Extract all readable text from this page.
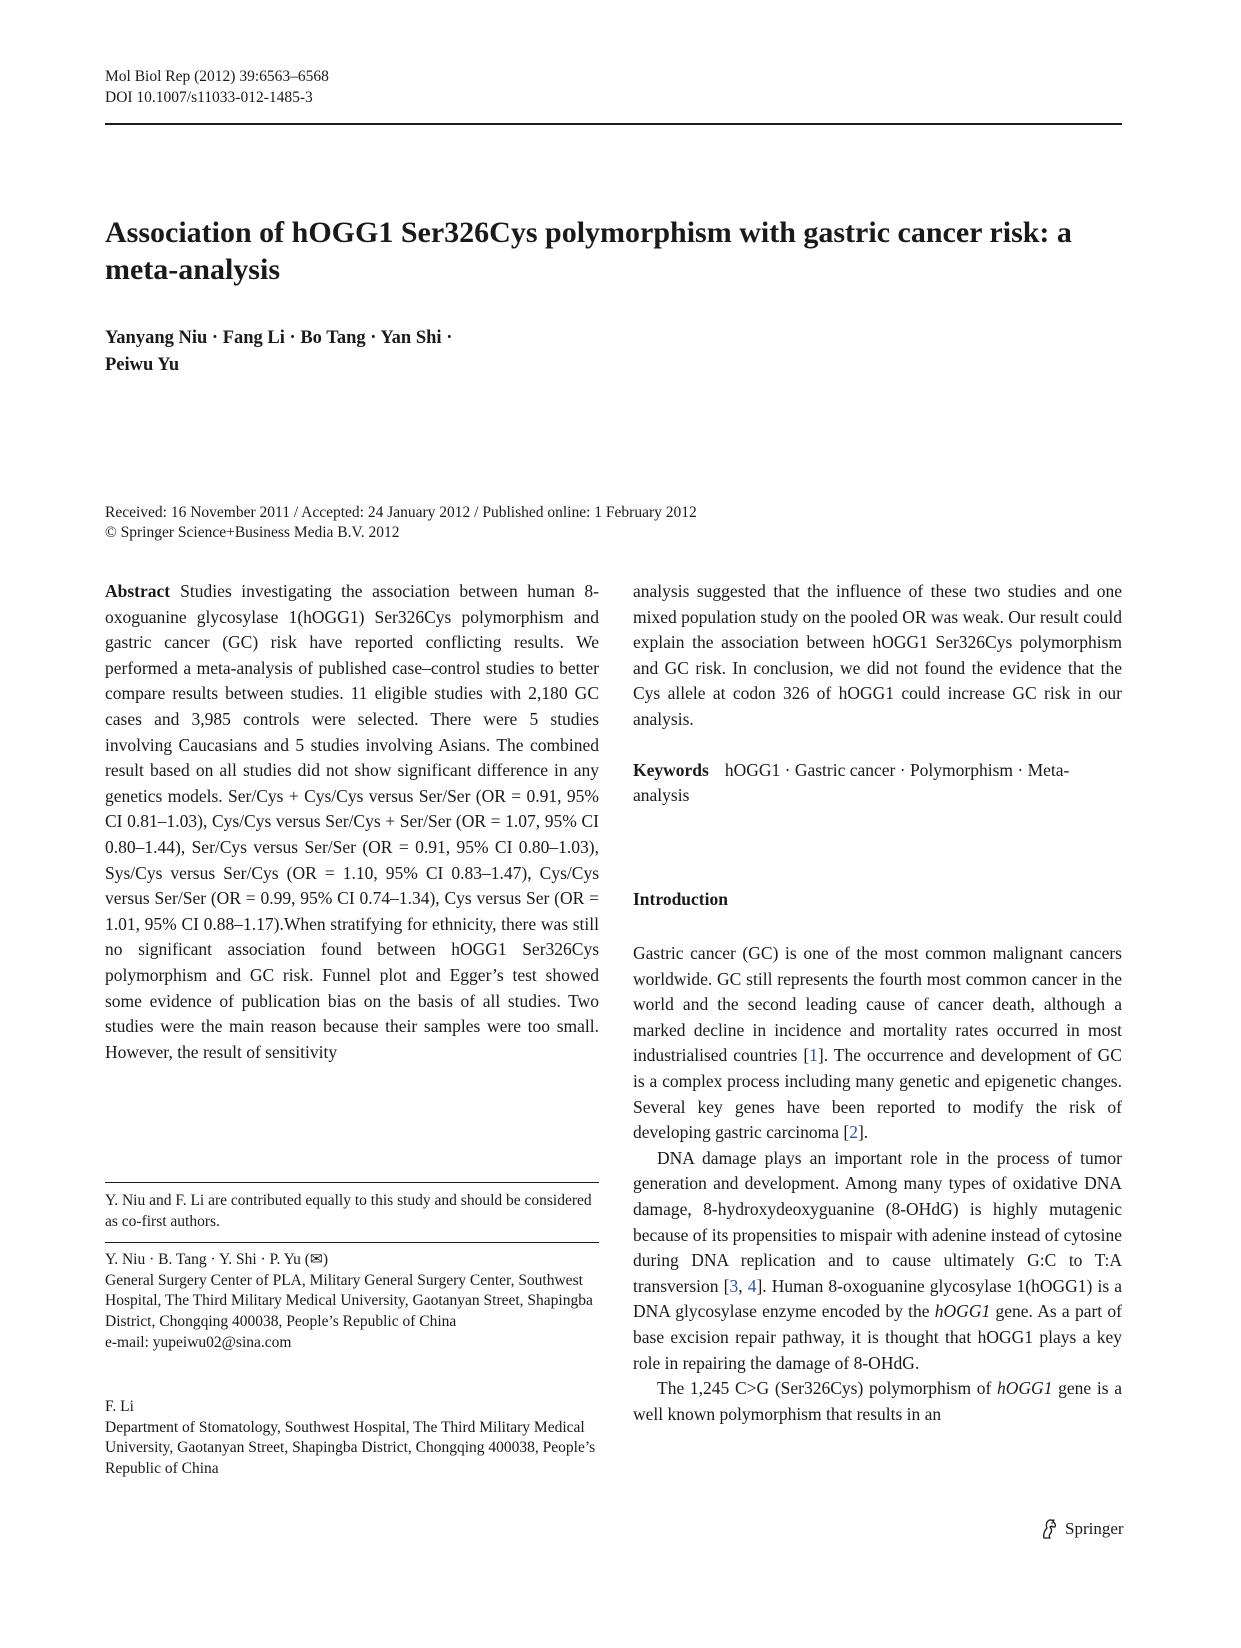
Mol Biol Rep (2012) 39:6563–6568
DOI 10.1007/s11033-012-1485-3
Association of hOGG1 Ser326Cys polymorphism with gastric cancer risk: a meta-analysis
Yanyang Niu · Fang Li · Bo Tang · Yan Shi ·
Peiwu Yu
Received: 16 November 2011 / Accepted: 24 January 2012 / Published online: 1 February 2012
© Springer Science+Business Media B.V. 2012
Abstract Studies investigating the association between human 8-oxoguanine glycosylase 1(hOGG1) Ser326Cys polymorphism and gastric cancer (GC) risk have reported conflicting results. We performed a meta-analysis of published case–control studies to better compare results between studies. 11 eligible studies with 2,180 GC cases and 3,985 controls were selected. There were 5 studies involving Caucasians and 5 studies involving Asians. The combined result based on all studies did not show significant difference in any genetics models. Ser/Cys + Cys/Cys versus Ser/Ser (OR = 0.91, 95% CI 0.81–1.03), Cys/Cys versus Ser/Cys + Ser/Ser (OR = 1.07, 95% CI 0.80–1.44), Ser/Cys versus Ser/Ser (OR = 0.91, 95% CI 0.80–1.03), Sys/Cys versus Ser/Cys (OR = 1.10, 95% CI 0.83–1.47), Cys/Cys versus Ser/Ser (OR = 0.99, 95% CI 0.74–1.34), Cys versus Ser (OR = 1.01, 95% CI 0.88–1.17).When stratifying for ethnicity, there was still no significant association found between hOGG1 Ser326Cys polymorphism and GC risk. Funnel plot and Egger’s test showed some evidence of publication bias on the basis of all studies. Two studies were the main reason because their samples were too small. However, the result of sensitivity
analysis suggested that the influence of these two studies and one mixed population study on the pooled OR was weak. Our result could explain the association between hOGG1 Ser326Cys polymorphism and GC risk. In conclusion, we did not found the evidence that the Cys allele at codon 326 of hOGG1 could increase GC risk in our analysis.
Keywords hOGG1 · Gastric cancer · Polymorphism · Meta-analysis
Introduction

Gastric cancer (GC) is one of the most common malignant cancers worldwide. GC still represents the fourth most common cancer in the world and the second leading cause of cancer death, although a marked decline in incidence and mortality rates occurred in most industrialised countries [1]. The occurrence and development of GC is a complex process including many genetic and epigenetic changes. Several key genes have been reported to modify the risk of developing gastric carcinoma [2].

DNA damage plays an important role in the process of tumor generation and development. Among many types of oxidative DNA damage, 8-hydroxydeoxyguanine (8-OHdG) is highly mutagenic because of its propensities to mispair with adenine instead of cytosine during DNA replication and to cause ultimately G:C to T:A transversion [3, 4]. Human 8-oxoguanine glycosylase 1(hOGG1) is a DNA glycosylase enzyme encoded by the hOGG1 gene. As a part of base excision repair pathway, it is thought that hOGG1 plays a key role in repairing the damage of 8-OHdG.

The 1,245 C>G (Ser326Cys) polymorphism of hOGG1 gene is a well known polymorphism that results in an

Y. Niu and F. Li are contributed equally to this study and should be considered as co-first authors.
Y. Niu · B. Tang · Y. Shi · P. Yu (✉)
General Surgery Center of PLA, Military General Surgery Center, Southwest Hospital, The Third Military Medical University, Gaotanyan Street, Shapingba District, Chongqing 400038, People’s Republic of China
e-mail: yupeiwu02@sina.com
F. Li
Department of Stomatology, Southwest Hospital, The Third Military Medical University, Gaotanyan Street, Shapingba District, Chongqing 400038, People’s Republic of China
Springer
